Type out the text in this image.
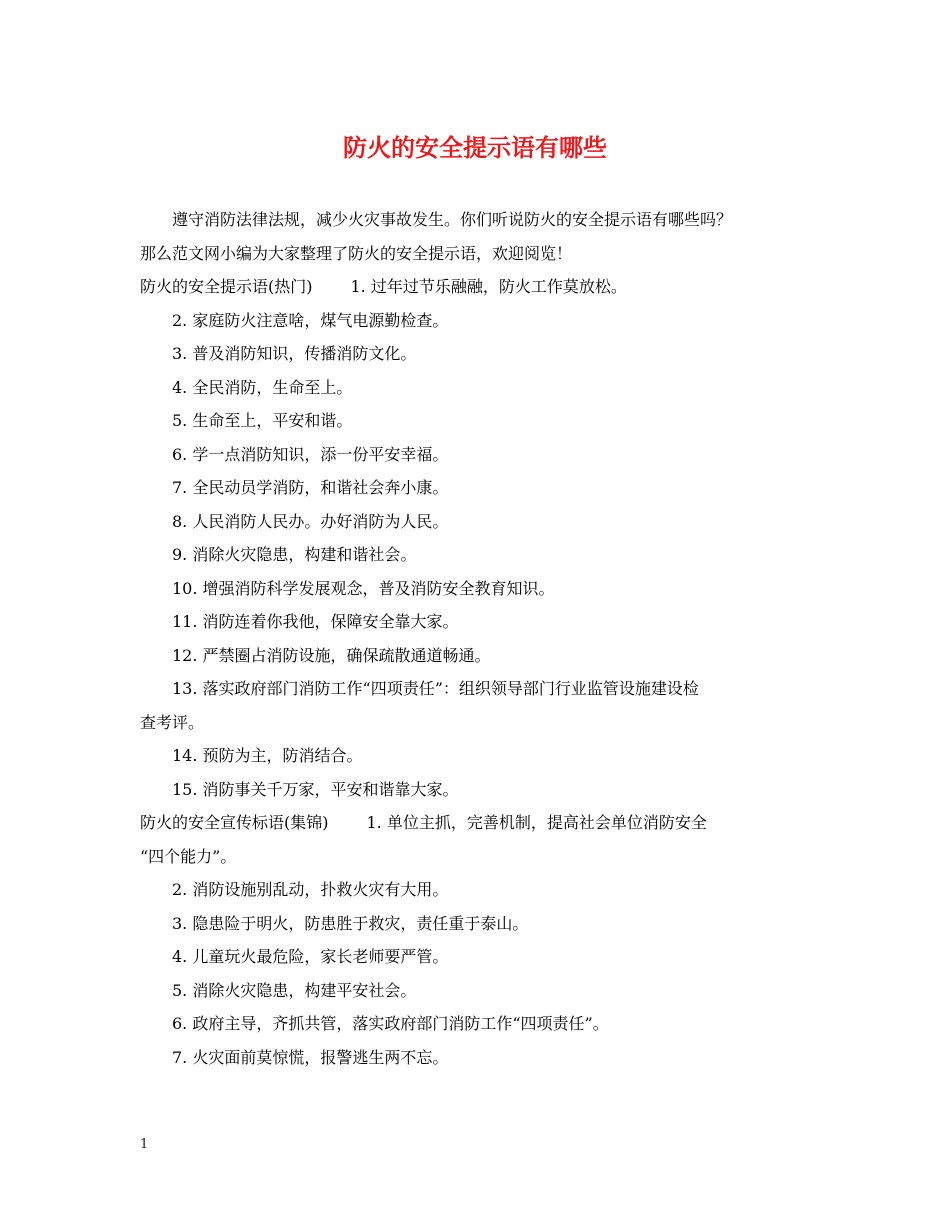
防火的安全提示语有哪些
遵守消防法律法规，减少火灾事故发生。你们听说防火的安全提示语有哪些吗？
那么范文网小编为大家整理了防火的安全提示语，欢迎阅览！
防火的安全提示语(热门) 1. 过年过节乐融融，防火工作莫放松。
2. 家庭防火注意啥，煤气电源勤检查。
3. 普及消防知识，传播消防文化。
4. 全民消防，生命至上。
5. 生命至上，平安和谐。
6. 学一点消防知识，添一份平安幸福。
7. 全民动员学消防，和谐社会奔小康。
8. 人民消防人民办。办好消防为人民。
9. 消除火灾隐患，构建和谐社会。
10. 增强消防科学发展观念，普及消防安全教育知识。
11. 消防连着你我他，保障安全靠大家。
12. 严禁圈占消防设施，确保疏散通道畅通。
13. 落实政府部门消防工作“四项责任”：组织领导部门行业监管设施建设检
查考评。
14. 预防为主，防消结合。
15. 消防事关千万家，平安和谐靠大家。
防火的安全宣传标语(集锦) 1. 单位主抓，完善机制，提高社会单位消防安全
“四个能力”。
2. 消防设施别乱动，扑救火灾有大用。
3. 隐患险于明火，防患胜于救灾，责任重于泰山。
4. 儿童玩火最危险，家长老师要严管。
5. 消除火灾隐患，构建平安社会。
6. 政府主导，齐抓共管，落实政府部门消防工作“四项责任”。
7. 火灾面前莫惊慌，报警逃生两不忘。
1
